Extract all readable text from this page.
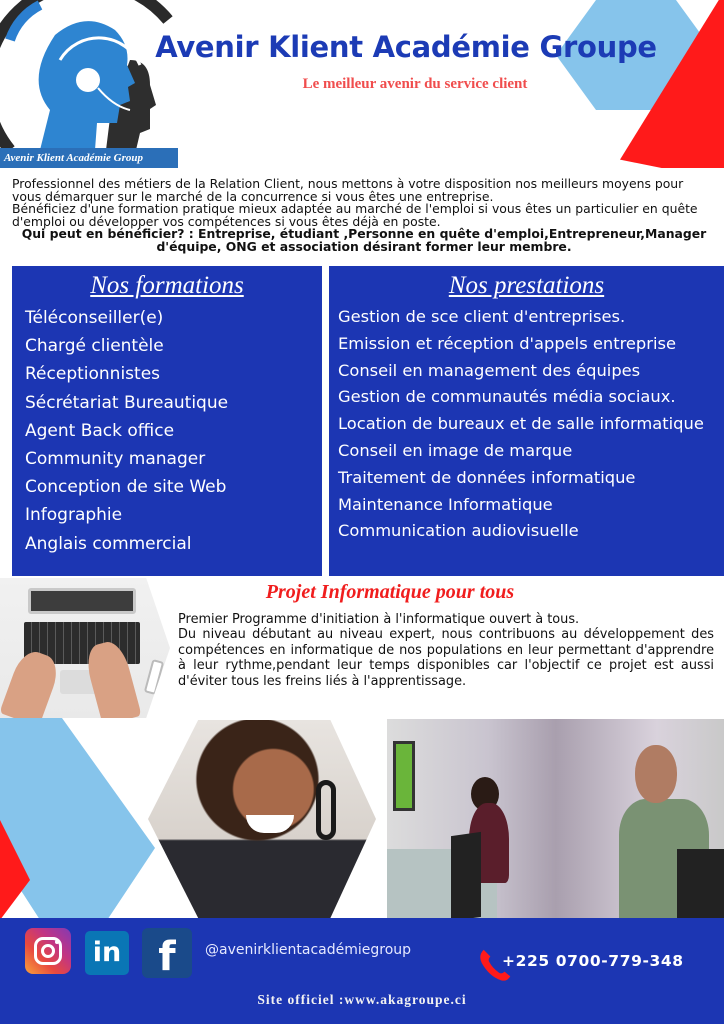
Avenir Klient Académie Group
Avenir Klient Académie Groupe
Le meilleur avenir du service client

Professionnel des métiers de la Relation Client, nous mettons à votre disposition nos meilleurs moyens pour vous démarquer sur le marché de la concurrence si vous êtes une entreprise.

Bénéficiez d'une formation pratique mieux adaptée au marché de l'emploi si vous êtes un particulier en quête d'emploi ou développer vos compétences si vous êtes déjà en poste.

Qui peut en bénéficier? : Entreprise, étudiant ,Personne en quête d'emploi,Entrepreneur,Manager d'équipe, ONG et association désirant former leur membre.

Nos formations
Téléconseiller(e)
Chargé clientèle
Réceptionnistes
Sécrétariat Bureautique
Agent Back office
Community manager
Conception de site Web
Infographie
Anglais commercial
Nos prestations
Gestion de sce client d'entreprises.
Emission et réception d'appels entreprise
Conseil en management des équipes
Gestion de communautés média sociaux.
Location de bureaux et de salle informatique
Conseil en image de marque
Traitement de données informatique
Maintenance Informatique
Communication audiovisuelle
Projet Informatique pour tous

Premier Programme d'initiation à l'informatique ouvert à tous.

Du niveau débutant au niveau expert, nous contribuons au développement des compétences en informatique de nos populations en leur permettant d'apprendre à leur rythme,pendant leur temps disponibles car l'objectif ce projet est aussi d'éviter tous les freins liés à l'apprentissage.

in f	@avenirklientacadémiegroup
+225 0700-779-348
Site officiel :www.akagroupe.ci
